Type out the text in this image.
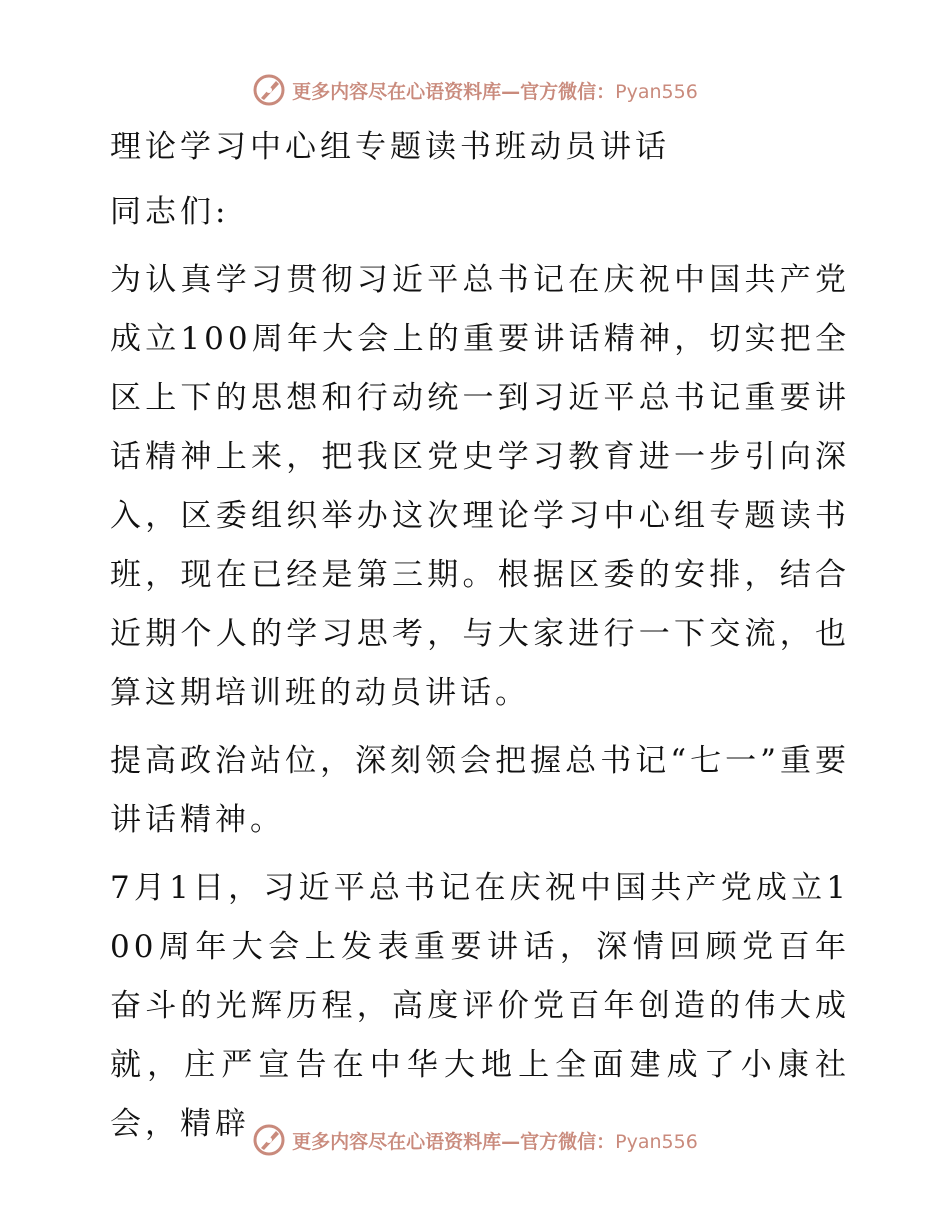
更多内容尽在心语资料库—官方微信：Pyan556

理论学习中心组专题读书班动员讲话

同志们:

为认真学习贯彻习近平总书记在庆祝中国共产党成立100周年大会上的重要讲话精神，切实把全区上下的思想和行动统一到习近平总书记重要讲话精神上来，把我区党史学习教育进一步引向深入，区委组织举办这次理论学习中心组专题读书班，现在已经是第三期。根据区委的安排，结合近期个人的学习思考，与大家进行一下交流，也算这期培训班的动员讲话。

提高政治站位，深刻领会把握总书记“七一”重要讲话精神。

7月1日，习近平总书记在庆祝中国共产党成立100周年大会上发表重要讲话，深情回顾党百年奋斗的光辉历程，高度评价党百年创造的伟大成就，庄严宣告在中华大地上全面建成了小康社会，精辟	更多内容尽在心语资料库—官方微信：Pyan556
